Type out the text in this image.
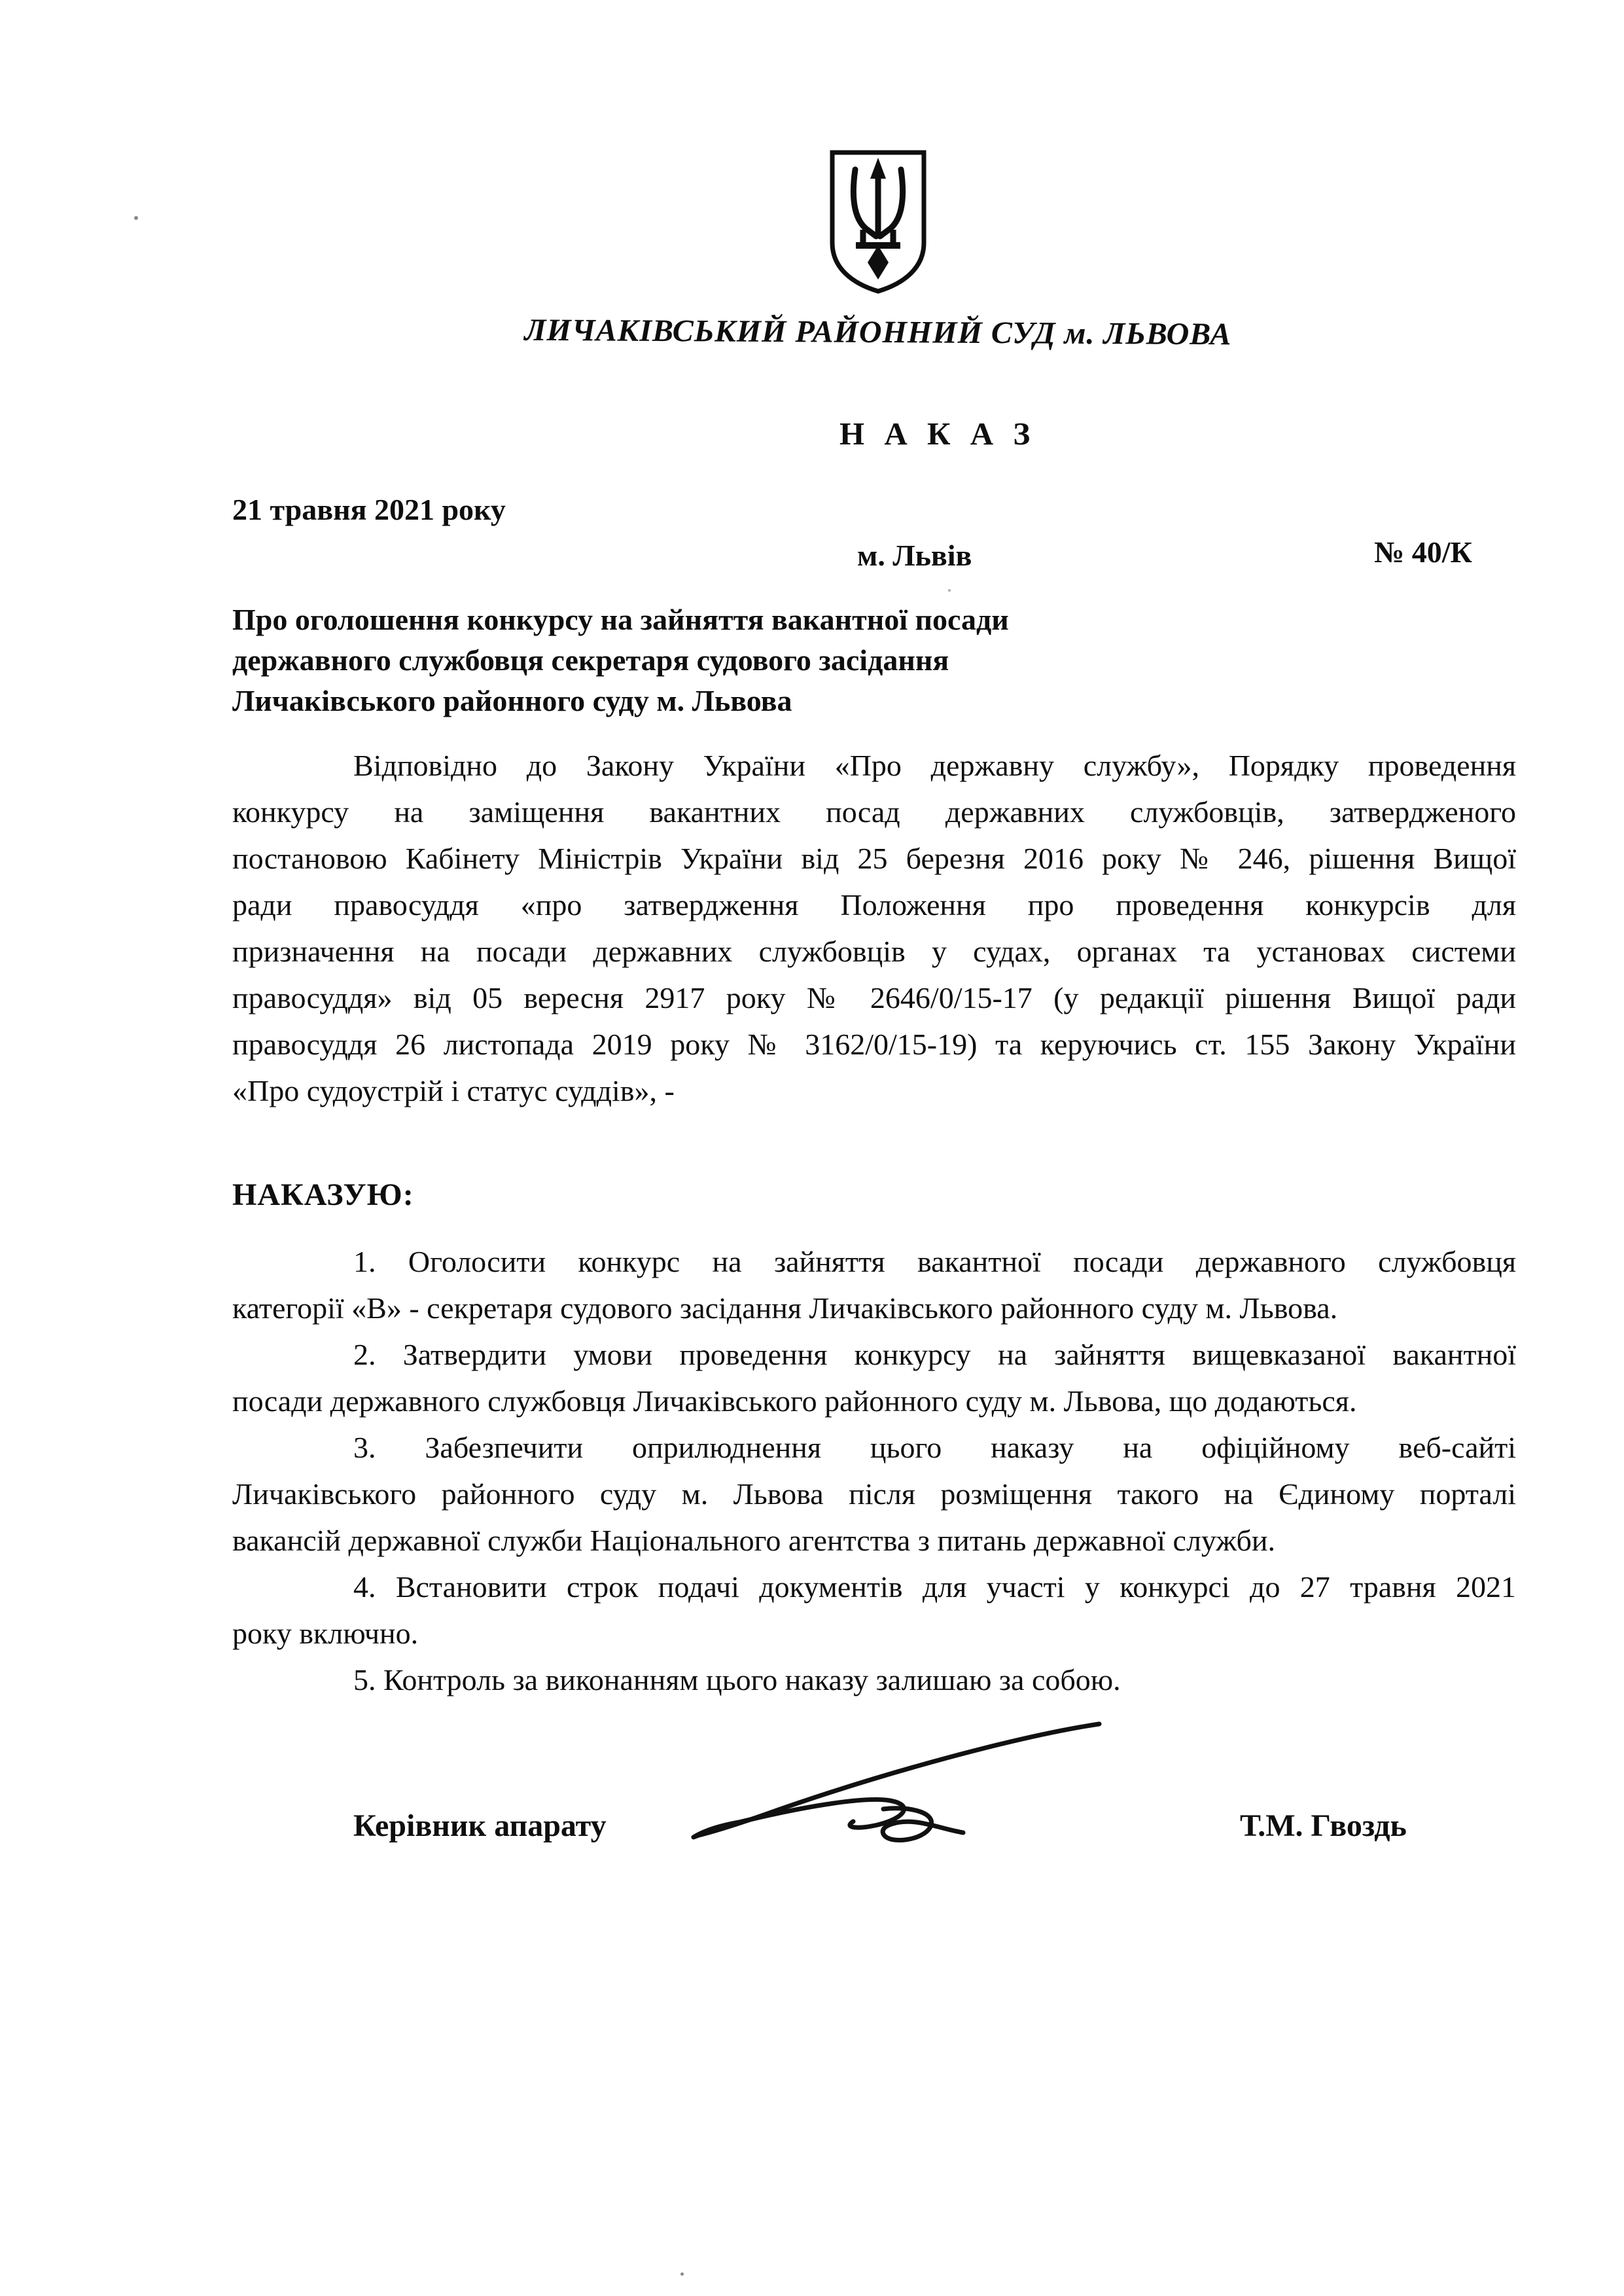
ЛИЧАКІВСЬКИЙ РАЙОННИЙ СУД м. ЛЬВОВА
Н А К А З
21 травня 2021 року
м. Львів	№ 40/К
Про оголошення конкурсу на зайняття вакантної посади
державного службовця секретаря судового засідання
Личаківського районного суду м. Львова
Відповідно до Закону України «Про державну службу», Порядку проведення
конкурсу на заміщення вакантних посад державних службовців, затвердженого
постановою Кабінету Міністрів України від 25 березня 2016 року № 246, рішення Вищої
ради правосуддя «про затвердження Положення про проведення конкурсів для
призначення на посади державних службовців у судах, органах та установах системи
правосуддя» від 05 вересня 2917 року № 2646/0/15-17 (у редакції рішення Вищої ради
правосуддя 26 листопада 2019 року № 3162/0/15-19) та керуючись ст. 155 Закону України
«Про судоустрій і статус суддів», -
НАКАЗУЮ:
1. Оголосити конкурс на зайняття вакантної посади державного службовця
категорії «В» - секретаря судового засідання Личаківського районного суду м. Львова.
2. Затвердити умови проведення конкурсу на зайняття вищевказаної вакантної
посади державного службовця Личаківського районного суду м. Львова, що додаються.
3. Забезпечити оприлюднення цього наказу на офіційному веб-сайті
Личаківського районного суду м. Львова після розміщення такого на Єдиному порталі
вакансій державної служби Національного агентства з питань державної служби.
4. Встановити строк подачі документів для участі у конкурсі до 27 травня 2021
року включно.
5. Контроль за виконанням цього наказу залишаю за собою.
Керівник апарату	Т.М. Гвоздь
